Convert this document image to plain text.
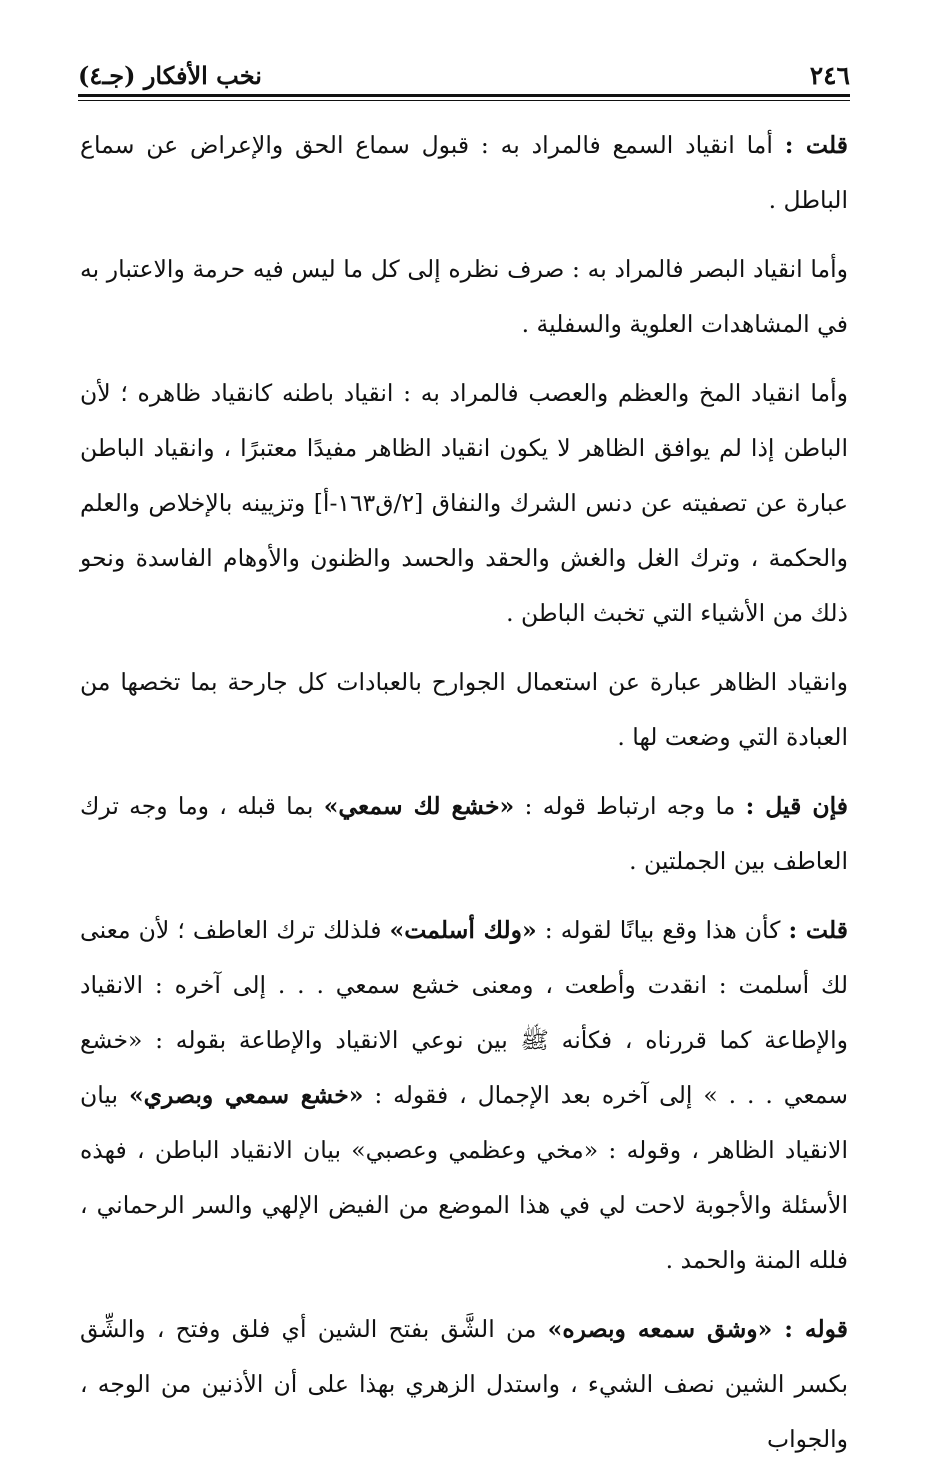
٢٤٦
نخب الأفكار (جـ٤)

قلت : أما انقياد السمع فالمراد به : قبول سماع الحق والإعراض عن سماع الباطل .

وأما انقياد البصر فالمراد به : صرف نظره إلى كل ما ليس فيه حرمة والاعتبار به في المشاهدات العلوية والسفلية .

وأما انقياد المخ والعظم والعصب فالمراد به : انقياد باطنه كانقياد ظاهره ؛ لأن الباطن إذا لم يوافق الظاهر لا يكون انقياد الظاهر مفيدًا معتبرًا ، وانقياد الباطن عبارة عن تصفيته عن دنس الشرك والنفاق [٢/ق١٦٣-أ] وتزيينه بالإخلاص والعلم والحكمة ، وترك الغل والغش والحقد والحسد والظنون والأوهام الفاسدة ونحو ذلك من الأشياء التي تخبث الباطن .

وانقياد الظاهر عبارة عن استعمال الجوارح بالعبادات كل جارحة بما تخصها من العبادة التي وضعت لها .

فإن قيل : ما وجه ارتباط قوله : «خشع لك سمعي» بما قبله ، وما وجه ترك العاطف بين الجملتين .

قلت : كأن هذا وقع بيانًا لقوله : «ولك أسلمت» فلذلك ترك العاطف ؛ لأن معنى لك أسلمت : انقدت وأطعت ، ومعنى خشع سمعي . . . إلى آخره : الانقياد والإطاعة كما قررناه ، فكأنه ﷺ بين نوعي الانقياد والإطاعة بقوله : «خشع سمعي . . . » إلى آخره بعد الإجمال ، فقوله : «خشع سمعي وبصري» بيان الانقياد الظاهر ، وقوله : «مخي وعظمي وعصبي» بيان الانقياد الباطن ، فهذه الأسئلة والأجوبة لاحت لي في هذا الموضع من الفيض الإلهي والسر الرحماني ، فلله المنة والحمد .

قوله : «وشق سمعه وبصره» من الشَّق بفتح الشين أي فلق وفتح ، والشِّق بكسر الشين نصف الشيء ، واستدل الزهري بهذا على أن الأذنين من الوجه ، والجواب
